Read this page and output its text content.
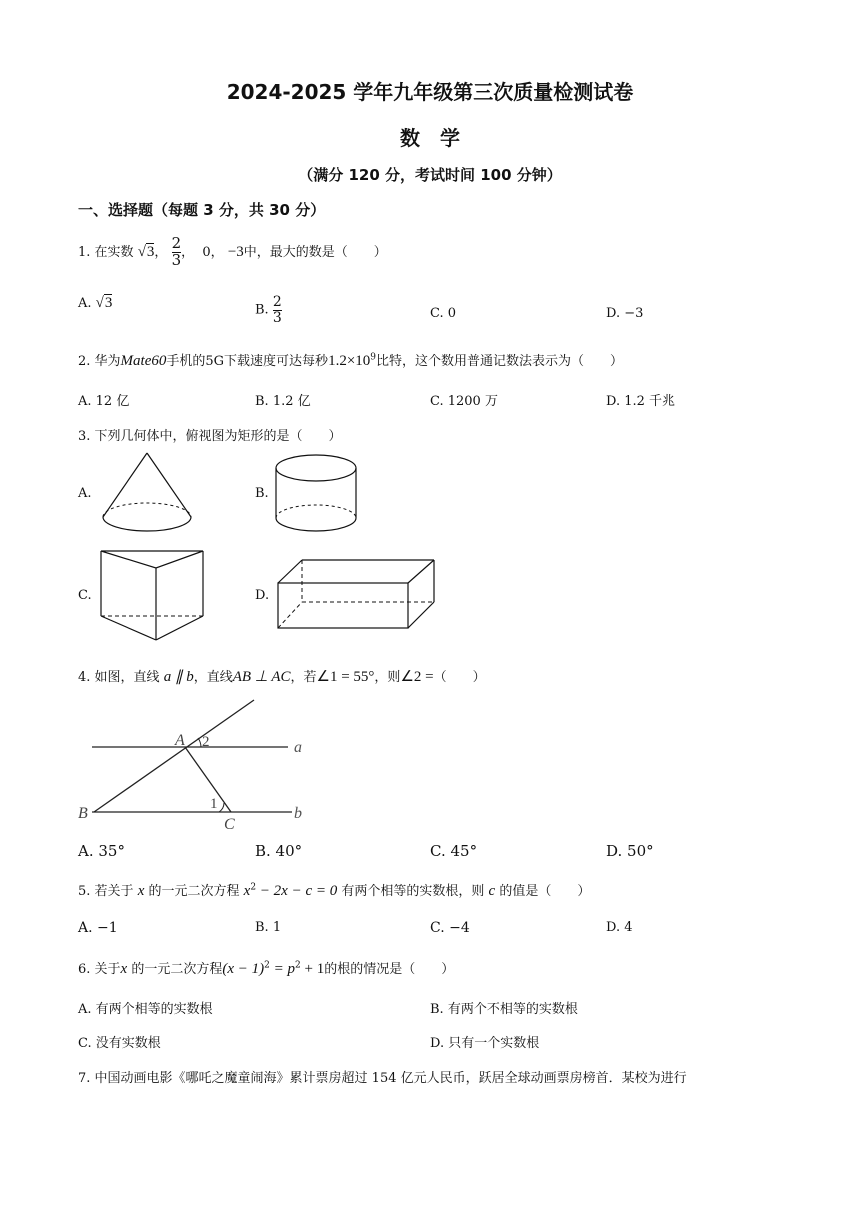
2024-2025 学年九年级第三次质量检测试卷
数　学
（满分 120 分，考试时间 100 分钟）
一、选择题（每题 3 分，共 30 分）
1. 在实数 √3， $\frac{2}{3}$ ， 0， −3中，最大的数是（　　）
A. √3	B. $\frac{2}{3}$	C. 0	D. −3
2. 华为Mate60手机的5G下载速度可达每秒$1.2\times 10^9$比特，这个数用普通记数法表示为（　　）
A. 12 亿	B. 1.2 亿	C. 1200 万	D. 1.2 千兆
3. 下列几何体中，俯视图为矩形的是（　　）
A.	B.
C.	D.
4. 如图，直线 a ∥ b，直线AB ⊥ AC，若∠1 = 55°，则∠2 =（　　）
A 2	a
B
1
C
b
A. 35°	B. 40°	C. 45°	D. 50°
5. 若关于 x 的一元二次方程 $x^2 - 2x - c = 0$ 有两个相等的实数根，则 c 的值是（　　）
A. −1	B. 1	C. −4	D. 4
6. 关于x 的一元二次方程$(x - 1)^2 = p^2 + 1$的根的情况是（　　）
A. 有两个相等的实数根	B. 有两个不相等的实数根
C. 没有实数根	D. 只有一个实数根
7. 中国动画电影《哪吒之魔童闹海》累计票房超过 154 亿元人民币，跃居全球动画票房榜首．某校为进行
